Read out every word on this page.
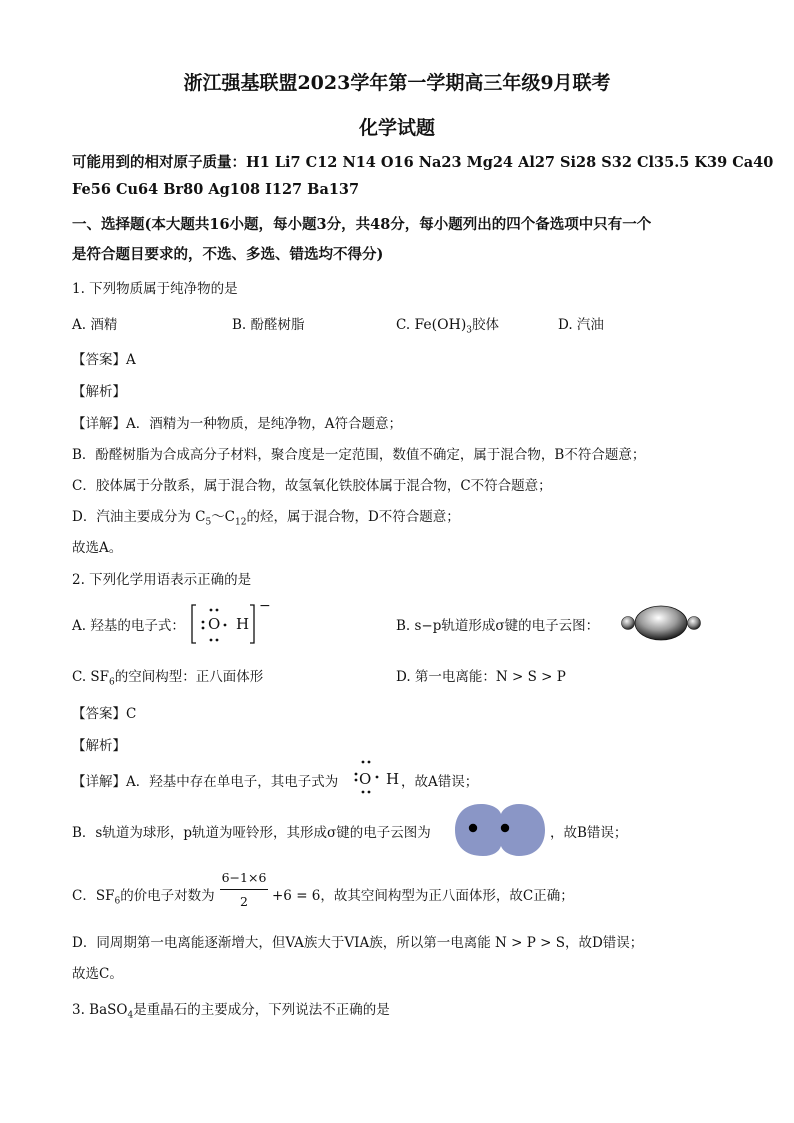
浙江强基联盟2023学年第一学期高三年级9月联考
化学试题
可能用到的相对原子质量：H1 Li7 C12 N14 O16 Na23 Mg24 Al27 Si28 S32 Cl35.5 K39 Ca40
Fe56 Cu64 Br80 Ag108 I127 Ba137
一、选择题(本大题共16小题，每小题3分，共48分，每小题列出的四个备选项中只有一个
是符合题目要求的，不选、多选、错选均不得分)
1. 下列物质属于纯净物的是
A. 酒精	B. 酚醛树脂	C. $Fe(OH)_3$胶体	D. 汽油
【答案】A
【解析】
【详解】A．酒精为一种物质，是纯净物，A符合题意；
B．酚醛树脂为合成高分子材料，聚合度是一定范围，数值不确定，属于混合物，B不符合题意；
C．胶体属于分散系，属于混合物，故氢氧化铁胶体属于混合物，C不符合题意；
D．汽油主要成分为 $C_5\sim C_{12}$的烃，属于混合物，D不符合题意；
故选A。
2. 下列化学用语表示正确的是
A. 羟基的电子式： O H
−
B. s−p轨道形成σ键的电子云图：
C. $SF_6$的空间构型：正八面体形	D. 第一电离能：N > S > P
【答案】C
【解析】
【详解】A．羟基中存在单电子，其电子式为 O H ，故A错误；
B．s轨道为球形，p轨道为哑铃形，其形成σ键的电子云图为	，故B错误；
C．$SF_6$的价电子对数为
6−1×6
2	+6 = 6，故其空间构型为正八面体形，故C正确；
D．同周期第一电离能逐渐增大，但VA族大于VIA族，所以第一电离能 N > P > S，故D错误；
故选C。
3. BaSO$_4$是重晶石的主要成分，下列说法不正确的是
